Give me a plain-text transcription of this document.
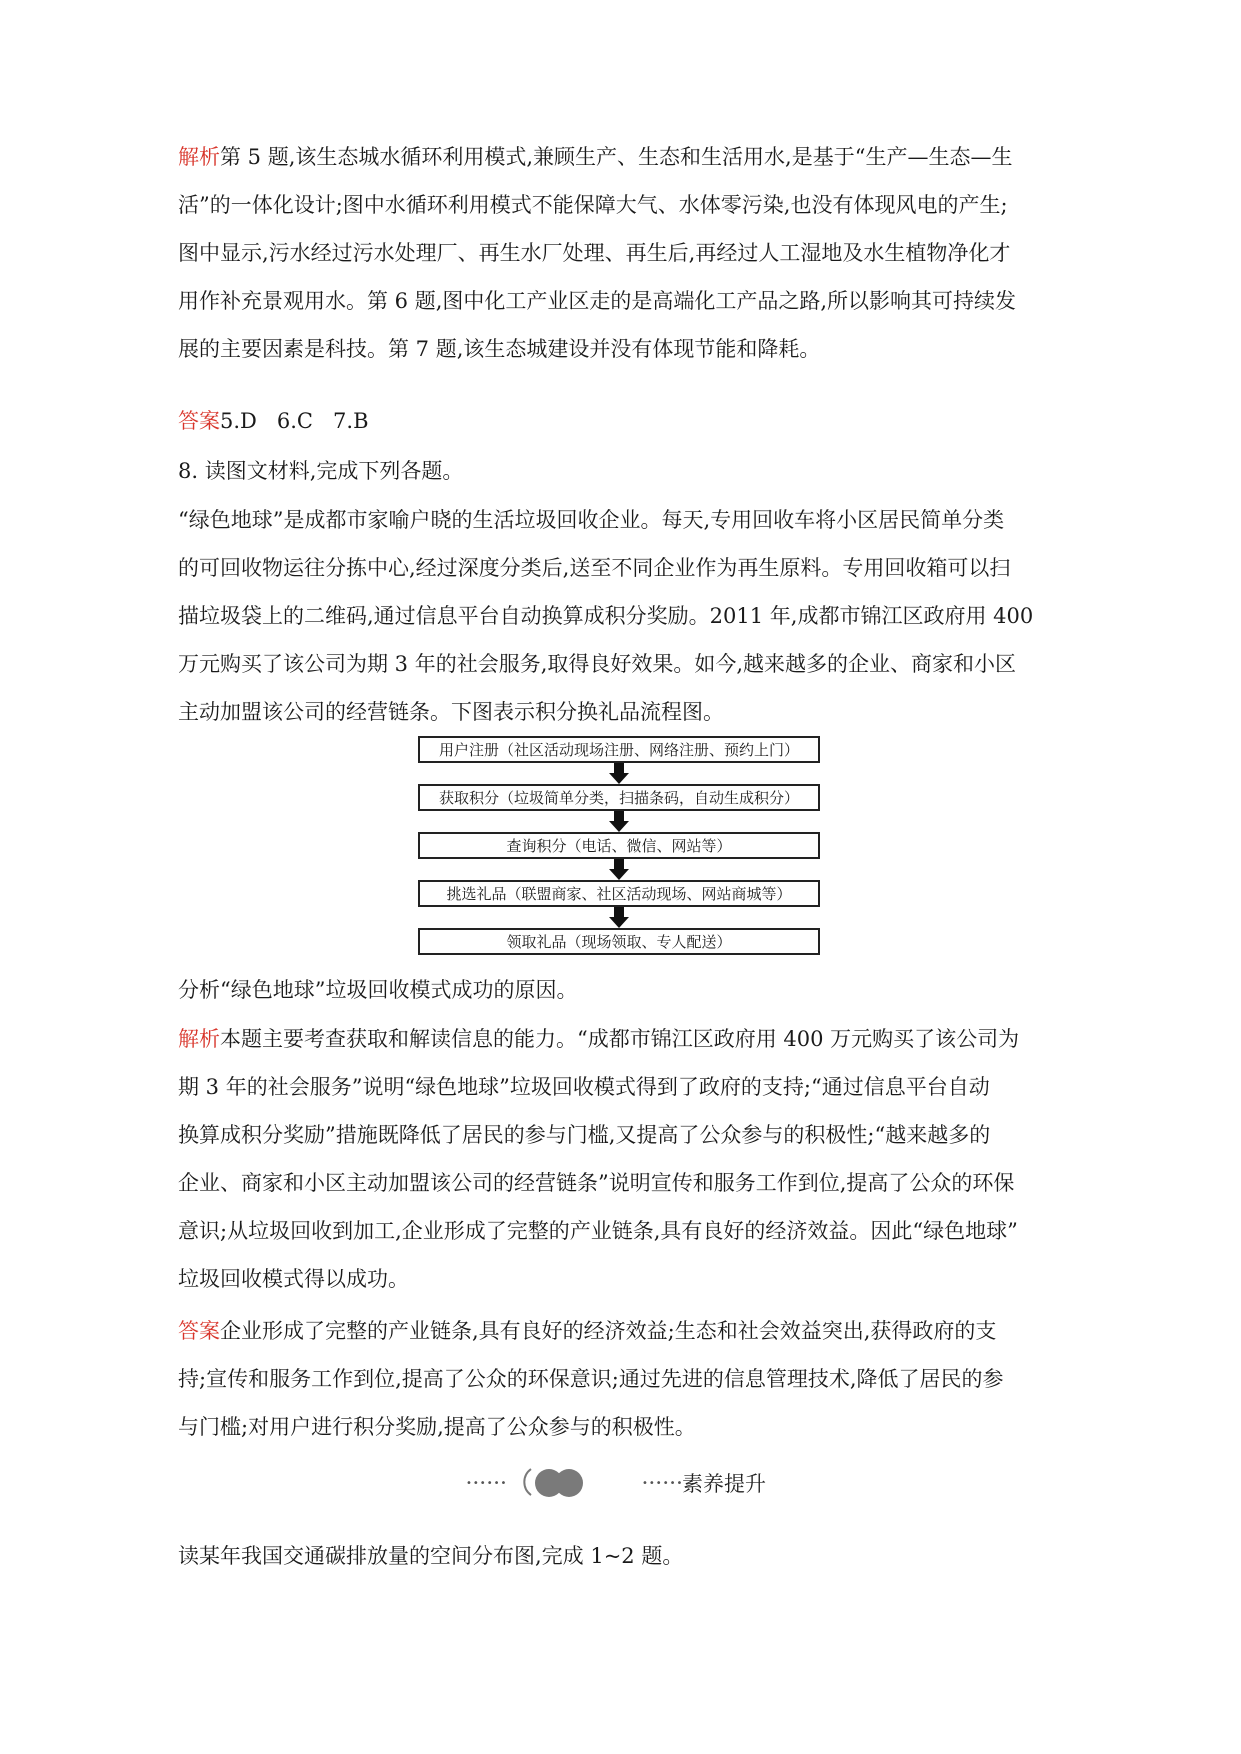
解析第 5 题,该生态城水循环利用模式,兼顾生产、生态和生活用水,是基于“生产—生态—生
活”的一体化设计;图中水循环利用模式不能保障大气、水体零污染,也没有体现风电的产生;
图中显示,污水经过污水处理厂、再生水厂处理、再生后,再经过人工湿地及水生植物净化才
用作补充景观用水。第 6 题,图中化工产业区走的是高端化工产品之路,所以影响其可持续发
展的主要因素是科技。第 7 题,该生态城建设并没有体现节能和降耗。
答案5.D   6.C   7.B
8. 读图文材料,完成下列各题。
“绿色地球”是成都市家喻户晓的生活垃圾回收企业。每天,专用回收车将小区居民简单分类
的可回收物运往分拣中心,经过深度分类后,送至不同企业作为再生原料。专用回收箱可以扫
描垃圾袋上的二维码,通过信息平台自动换算成积分奖励。2011 年,成都市锦江区政府用 400
万元购买了该公司为期 3 年的社会服务,取得良好效果。如今,越来越多的企业、商家和小区
主动加盟该公司的经营链条。下图表示积分换礼品流程图。
用户注册（社区活动现场注册、网络注册、预约上门）
获取积分（垃圾简单分类，扫描条码，自动生成积分）
查询积分（电话、微信、网站等）
挑选礼品（联盟商家、社区活动现场、网站商城等）
领取礼品（现场领取、专人配送）
分析“绿色地球”垃圾回收模式成功的原因。
解析本题主要考查获取和解读信息的能力。“成都市锦江区政府用 400 万元购买了该公司为
期 3 年的社会服务”说明“绿色地球”垃圾回收模式得到了政府的支持;“通过信息平台自动
换算成积分奖励”措施既降低了居民的参与门槛,又提高了公众参与的积极性;“越来越多的
企业、商家和小区主动加盟该公司的经营链条”说明宣传和服务工作到位,提高了公众的环保
意识;从垃圾回收到加工,企业形成了完整的产业链条,具有良好的经济效益。因此“绿色地球”
垃圾回收模式得以成功。
答案企业形成了完整的产业链条,具有良好的经济效益;生态和社会效益突出,获得政府的支
持;宣传和服务工作到位,提高了公众的环保意识;通过先进的信息管理技术,降低了居民的参
与门槛;对用户进行积分奖励,提高了公众参与的积极性。
••••••	••••••
素养提升
读某年我国交通碳排放量的空间分布图,完成 1~2 题。
